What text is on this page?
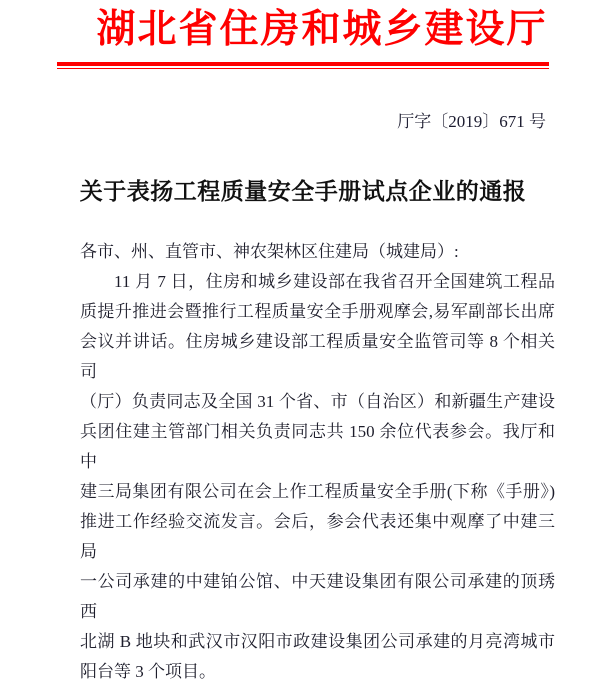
湖北省住房和城乡建设厅
厅字〔2019〕671 号
关于表扬工程质量安全手册试点企业的通报
各市、州、直管市、神农架林区住建局（城建局）:
11 月 7 日，住房和城乡建设部在我省召开全国建筑工程品
质提升推进会暨推行工程质量安全手册观摩会,易军副部长出席
会议并讲话。住房城乡建设部工程质量安全监管司等 8 个相关司
（厅）负责同志及全国 31 个省、市（自治区）和新疆生产建设
兵团住建主管部门相关负责同志共 150 余位代表参会。我厅和中
建三局集团有限公司在会上作工程质量安全手册(下称《手册》)
推进工作经验交流发言。会后，参会代表还集中观摩了中建三局
一公司承建的中建铂公馆、中天建设集团有限公司承建的顶琇西
北湖 B 地块和武汉市汉阳市政建设集团公司承建的月亮湾城市
阳台等 3 个项目。
